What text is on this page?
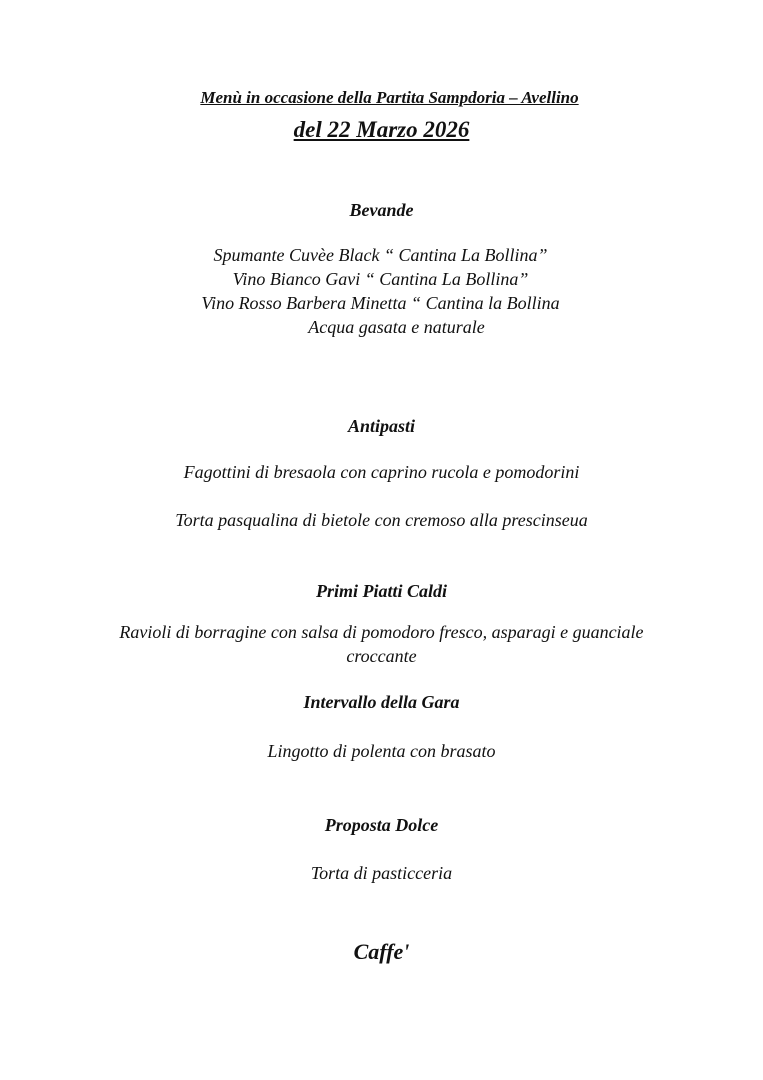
Menù in occasione della Partita Sampdoria – Avellino

del 22 Marzo 2026

Bevande

Spumante Cuvèe Black “ Cantina La Bollina”

Vino Bianco Gavi “ Cantina La Bollina”

Vino Rosso Barbera Minetta “ Cantina la Bollina

Acqua gasata e naturale

Antipasti

Fagottini di bresaola con caprino rucola e pomodorini

Torta pasqualina di bietole con cremoso alla prescinseua

Primi Piatti Caldi

Ravioli di borragine con salsa di pomodoro fresco, asparagi e guanciale

croccante

Intervallo della Gara

Lingotto di polenta con brasato

Proposta Dolce

Torta di pasticceria

Caffe'
